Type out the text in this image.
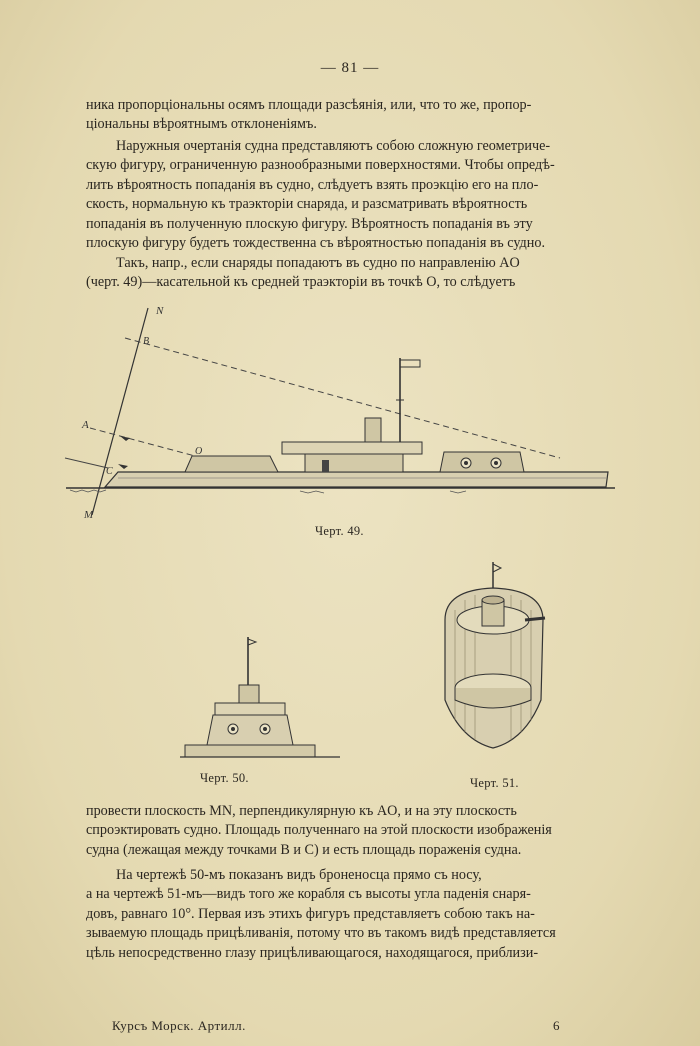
— 81 —
ника пропорціональны осямъ площади разсѣянія, или, что то же, пропор-
ціональны вѣроятнымъ отклоненіямъ.
Наружныя очертанія судна представляютъ собою сложную геометриче-
скую фигуру, ограниченную разнообразными поверхностями. Чтобы опредѣ-
лить вѣроятность попаданія въ судно, слѣдуетъ взять проэкцію его на пло-
скость, нормальную къ траэкторіи снаряда, и разсматривать вѣроятность
попаданія въ полученную плоскую фигуру. Вѣроятность попаданія въ эту
плоскую фигуру будетъ тождественна съ вѣроятностью попаданія въ судно.
Такъ, напр., если снаряды попадаютъ въ судно по направленію AO
(черт. 49)—касательной къ средней траэкторіи въ точкѣ O, то слѣдуетъ
N
B
A
O
C
M
Черт. 49.
Черт. 50.	Черт. 51.
провести плоскость MN, перпендикулярную къ AO, и на эту плоскость
спроэктировать судно. Площадь полученнаго на этой плоскости изображенія
судна (лежащая между точками B и C) и есть площадь пораженія судна.
На чертежѣ 50-мъ показанъ видъ броненосца прямо съ носу,
а на чертежѣ 51-мъ—видъ того же корабля съ высоты угла паденія снаря-
довъ, равнаго 10°. Первая изъ этихъ фигуръ представляетъ собою такъ на-
зываемую площадь прицѣливанія, потому что въ такомъ видѣ представляется
цѣль непосредственно глазу прицѣливающагося, находящагося, приблизи-
Курсъ Морск. Артилл.	6
